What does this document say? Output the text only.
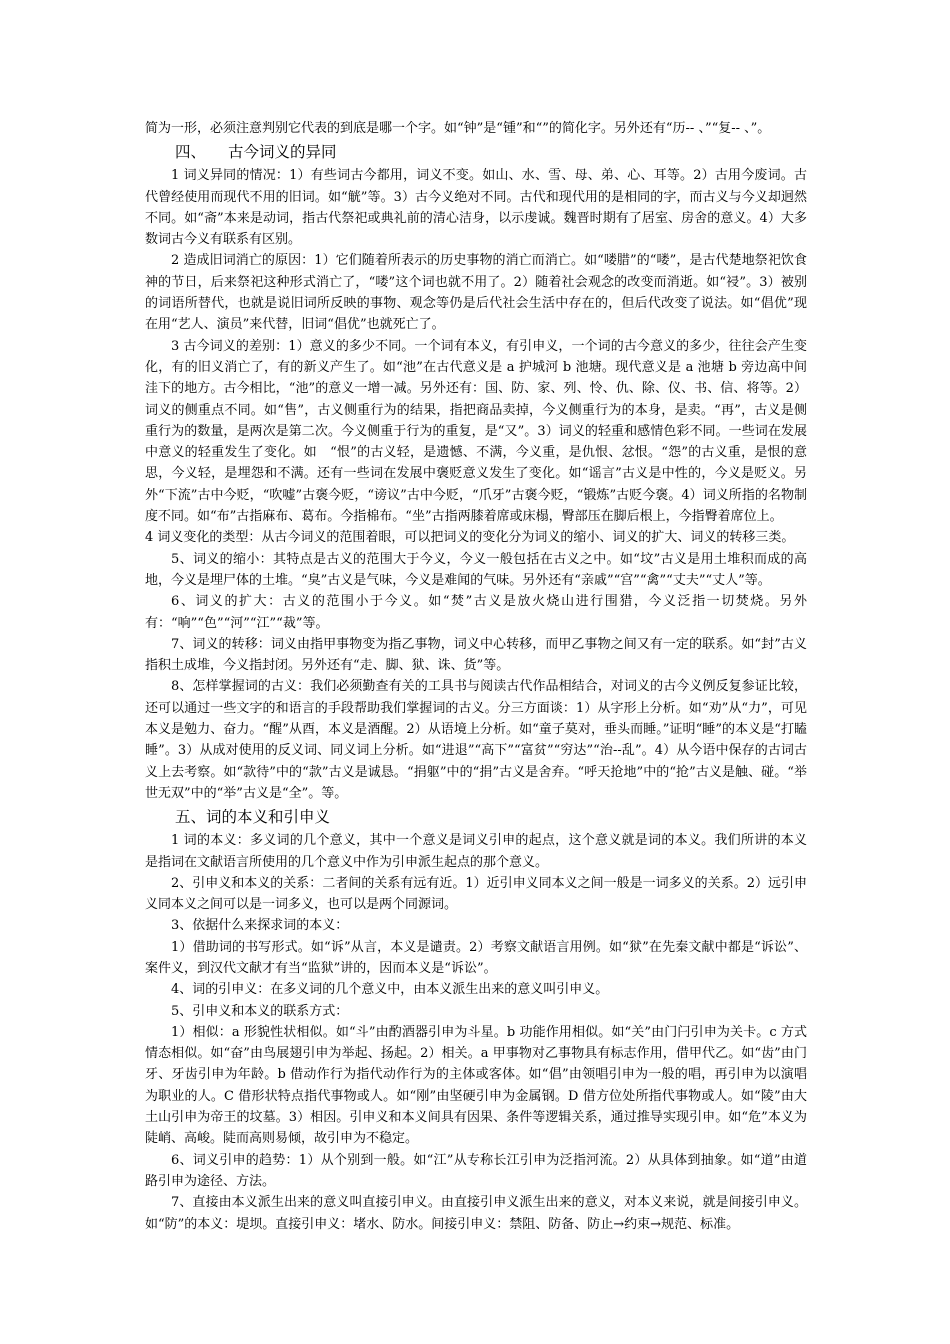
简为一形，必须注意判别它代表的到底是哪一个字。如“钟”是“锺”和“”的简化字。另外还有“历-- 、”“复-- 、”。

四、 古今词义的异同

1 词义异同的情况：1）有些词古今都用，词义不变。如山、水、雪、母、弟、心、耳等。2）古用今废词。古代曾经使用而现代不用的旧词。如“觥”等。3）古今义绝对不同。古代和现代用的是相同的字，而古义与今义却迥然不同。如“斋”本来是动词，指古代祭祀或典礼前的清心洁身，以示虔诚。魏晋时期有了居室、房舍的意义。4）大多数词古今义有联系有区别。

2 造成旧词消亡的原因：1）它们随着所表示的历史事物的消亡而消亡。如“喽腊”的“喽”，是古代楚地祭祀饮食神的节日，后来祭祀这种形式消亡了，“喽”这个词也就不用了。2）随着社会观念的改变而消逝。如“祲”。3）被别的词语所替代，也就是说旧词所反映的事物、观念等仍是后代社会生活中存在的，但后代改变了说法。如“倡优”现在用“艺人、演员”来代替，旧词“倡优”也就死亡了。

3 古今词义的差别：1）意义的多少不同。一个词有本义，有引申义，一个词的古今意义的多少，往往会产生变化，有的旧义消亡了，有的新义产生了。如“池”在古代意义是 a 护城河 b 池塘。现代意义是 a 池塘 b 旁边高中间洼下的地方。古今相比，“池”的意义一增一减。另外还有：国、防、家、列、怜、仇、除、仪、书、信、将等。2）词义的侧重点不同。如“售”，古义侧重行为的结果，指把商品卖掉，今义侧重行为的本身，是卖。“再”，古义是侧重行为的数量，是两次是第二次。今义侧重于行为的重复，是“又”。3）词义的轻重和感情色彩不同。一些词在发展中意义的轻重发生了变化。如　“恨”的古义轻，是遗憾、不满，今义重，是仇恨、忿恨。“怨”的古义重，是恨的意思，今义轻，是埋怨和不满。还有一些词在发展中褒贬意义发生了变化。如“谣言”古义是中性的，今义是贬义。另外“下流”古中今贬，“吹嘘”古褒今贬，“谤议”古中今贬，“爪牙”古褒今贬，“锻炼”古贬今褒。4）词义所指的名物制度不同。如“布”古指麻布、葛布。今指棉布。“坐”古指两膝着席或床榻，臀部压在脚后根上，今指臀着席位上。

4 词义变化的类型：从古今词义的范围着眼，可以把词义的变化分为词义的缩小、词义的扩大、词义的转移三类。

5、词义的缩小：其特点是古义的范围大于今义，今义一般包括在古义之中。如“坟”古义是用土堆积而成的高地，今义是埋尸体的土堆。“臭”古义是气味，今义是难闻的气味。另外还有“亲戚”“宫”“禽”“丈夫”“丈人”等。

6、词义的扩大：古义的范围小于今义。如“焚”古义是放火烧山进行围猎，今义泛指一切焚烧。另外有：“响”“色”“河”“江”“裁”等。

7、词义的转移：词义由指甲事物变为指乙事物，词义中心转移，而甲乙事物之间又有一定的联系。如“封”古义指积土成堆，今义指封闭。另外还有“走、脚、狱、诛、货”等。

8、怎样掌握词的古义：我们必须勤查有关的工具书与阅读古代作品相结合，对词义的古今义例反复参证比较，还可以通过一些文字的和语言的手段帮助我们掌握词的古义。分三方面谈：1）从字形上分析。如“劝”从“力”，可见本义是勉力、奋力。“醒”从酉，本义是酒醒。2）从语境上分析。如“童子莫对，垂头而睡。”证明“睡”的本义是“打瞌睡”。3）从成对使用的反义词、同义词上分析。如“进退”“高下”“富贫”“穷达”“治--乱”。4）从今语中保存的古词古义上去考察。如“款待”中的“款”古义是诚恳。“捐躯”中的“捐”古义是舍弃。“呼天抢地”中的“抢”古义是触、碰。“举世无双”中的“举”古义是“全”。等。

五、词的本义和引申义

1 词的本义：多义词的几个意义，其中一个意义是词义引申的起点，这个意义就是词的本义。我们所讲的本义是指词在文献语言所使用的几个意义中作为引申派生起点的那个意义。

2、引申义和本义的关系：二者间的关系有远有近。1）近引申义同本义之间一般是一词多义的关系。2）远引申义同本义之间可以是一词多义，也可以是两个同源词。

3、依据什么来探求词的本义：

1）借助词的书写形式。如“诉”从言，本义是谴责。2）考察文献语言用例。如“狱”在先秦文献中都是“诉讼”、案件义，到汉代文献才有当“监狱”讲的，因而本义是“诉讼”。

4、词的引申义：在多义词的几个意义中，由本义派生出来的意义叫引申义。

5、引申义和本义的联系方式：

1）相似：a 形貌性状相似。如“斗”由酌酒器引申为斗星。b 功能作用相似。如“关”由门闩引申为关卡。c 方式情态相似。如“奋”由鸟展翅引申为举起、扬起。2）相关。a 甲事物对乙事物具有标志作用，借甲代乙。如“齿”由门牙、牙齿引申为年龄。b 借动作行为指代动作行为的主体或客体。如“倡”由领唱引申为一般的唱，再引申为以演唱为职业的人。C 借形状特点指代事物或人。如“刚”由坚硬引申为金属钢。D 借方位处所指代事物或人。如“陵”由大土山引申为帝王的坟墓。3）相因。引申义和本义间具有因果、条件等逻辑关系，通过推导实现引申。如“危”本义为陡峭、高峻。陡而高则易倾，故引申为不稳定。

6、词义引申的趋势：1）从个别到一般。如“江”从专称长江引申为泛指河流。2）从具体到抽象。如“道”由道路引申为途径、方法。

7、直接由本义派生出来的意义叫直接引申义。由直接引申义派生出来的意义，对本义来说，就是间接引申义。如“防”的本义：堤坝。直接引申义：堵水、防水。间接引申义：禁阻、防备、防止→约束→规范、标准。
